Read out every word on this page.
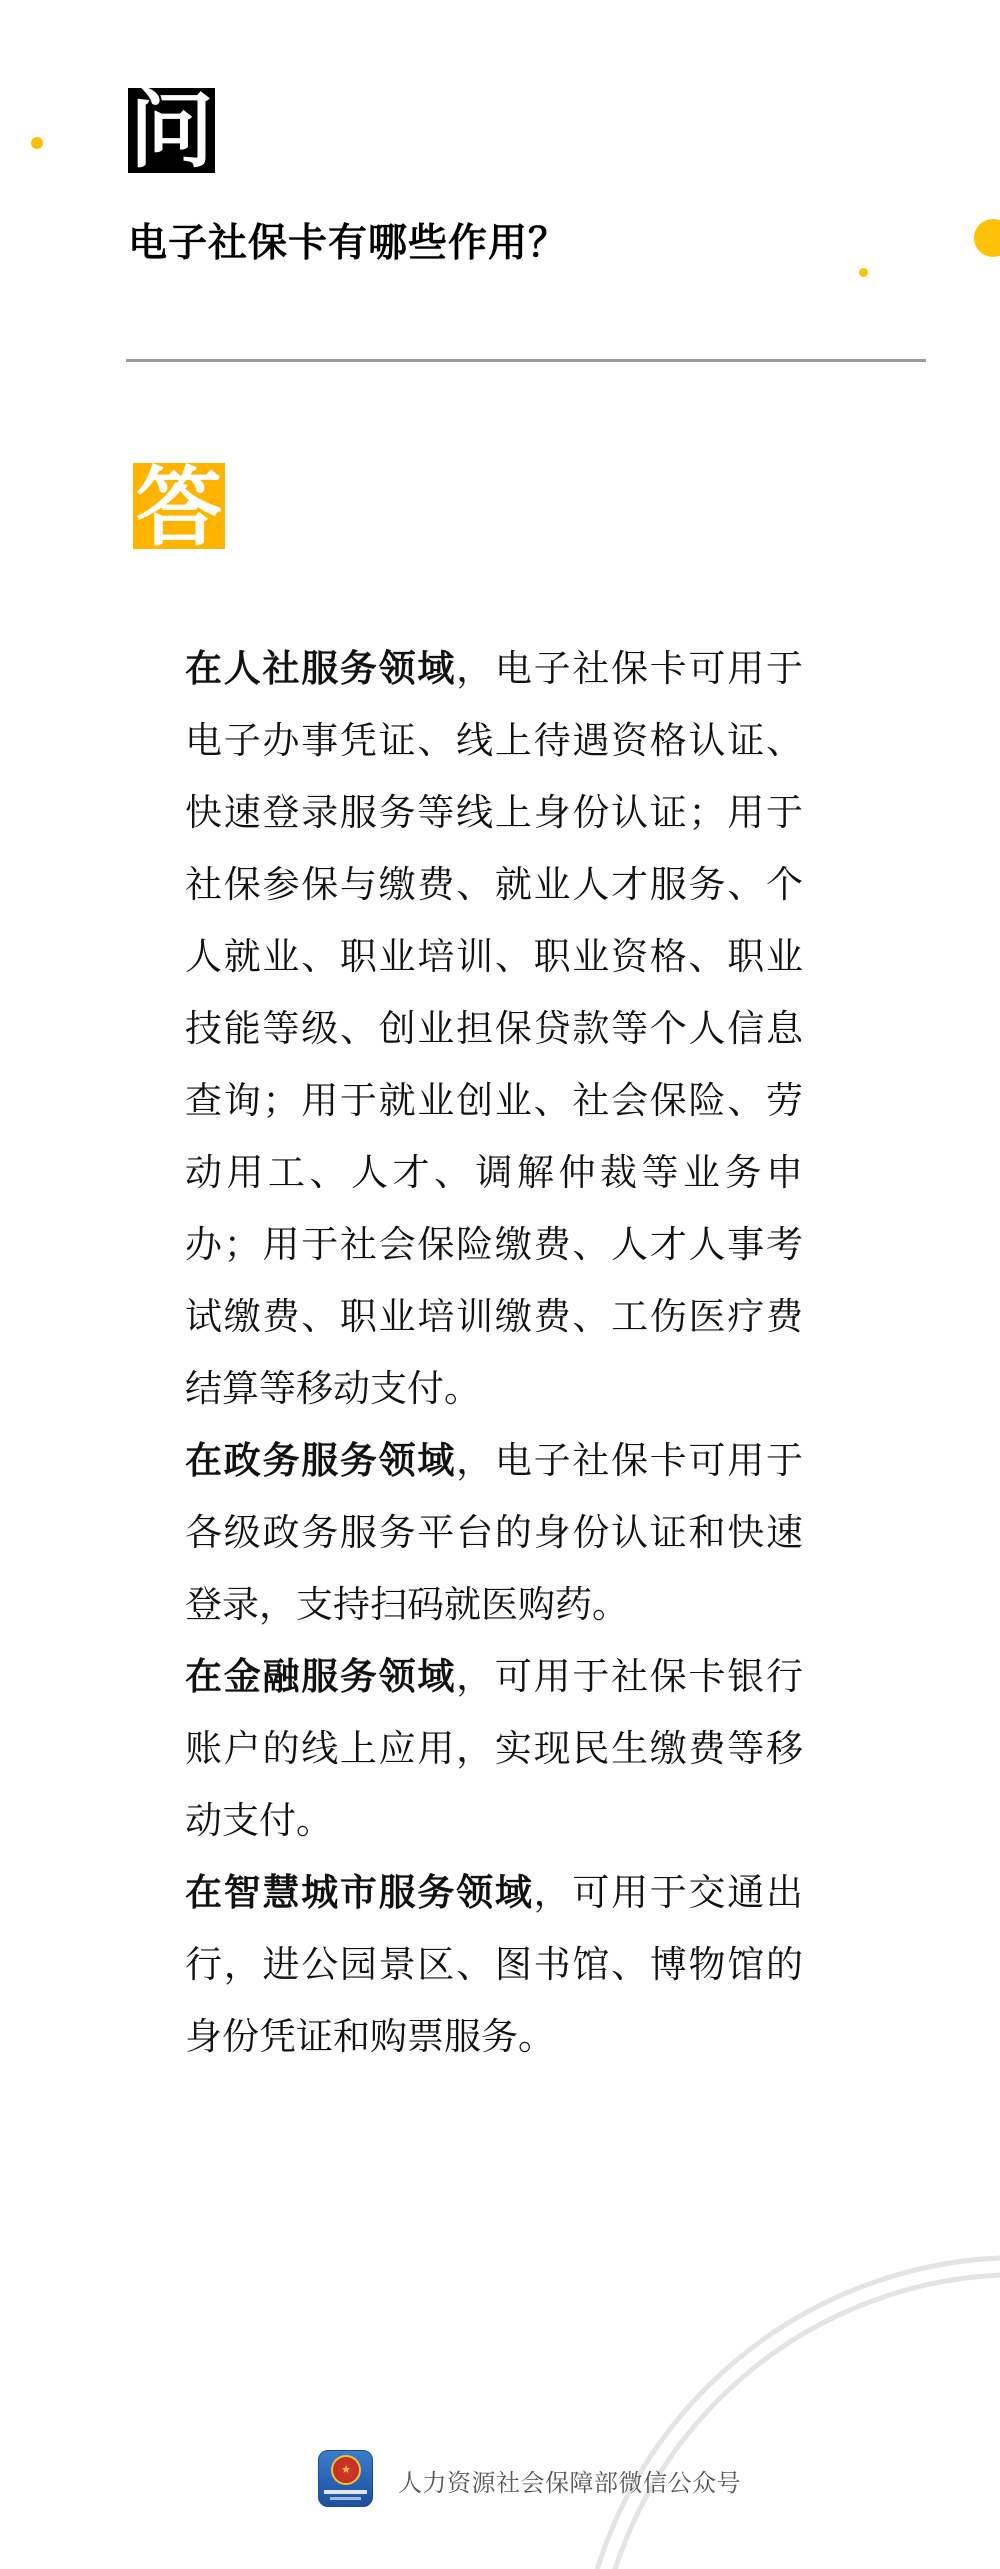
问
电子社保卡有哪些作用？
答
在人社服务领域，电子社保卡可用于电子办事凭证、线上待遇资格认证、快速登录服务等线上身份认证；用于社保参保与缴费、就业人才服务、个人就业、职业培训、职业资格、职业技能等级、创业担保贷款等个人信息查询；用于就业创业、社会保险、劳动用工、人才、调解仲裁等业务申办；用于社会保险缴费、人才人事考试缴费、职业培训缴费、工伤医疗费结算等移动支付。
在政务服务领域，电子社保卡可用于各级政务服务平台的身份认证和快速登录，支持扫码就医购药。
在金融服务领域，可用于社保卡银行账户的线上应用，实现民生缴费等移动支付。
在智慧城市服务领域，可用于交通出行，进公园景区、图书馆、博物馆的身份凭证和购票服务。
★
人力资源社会保障部微信公众号
